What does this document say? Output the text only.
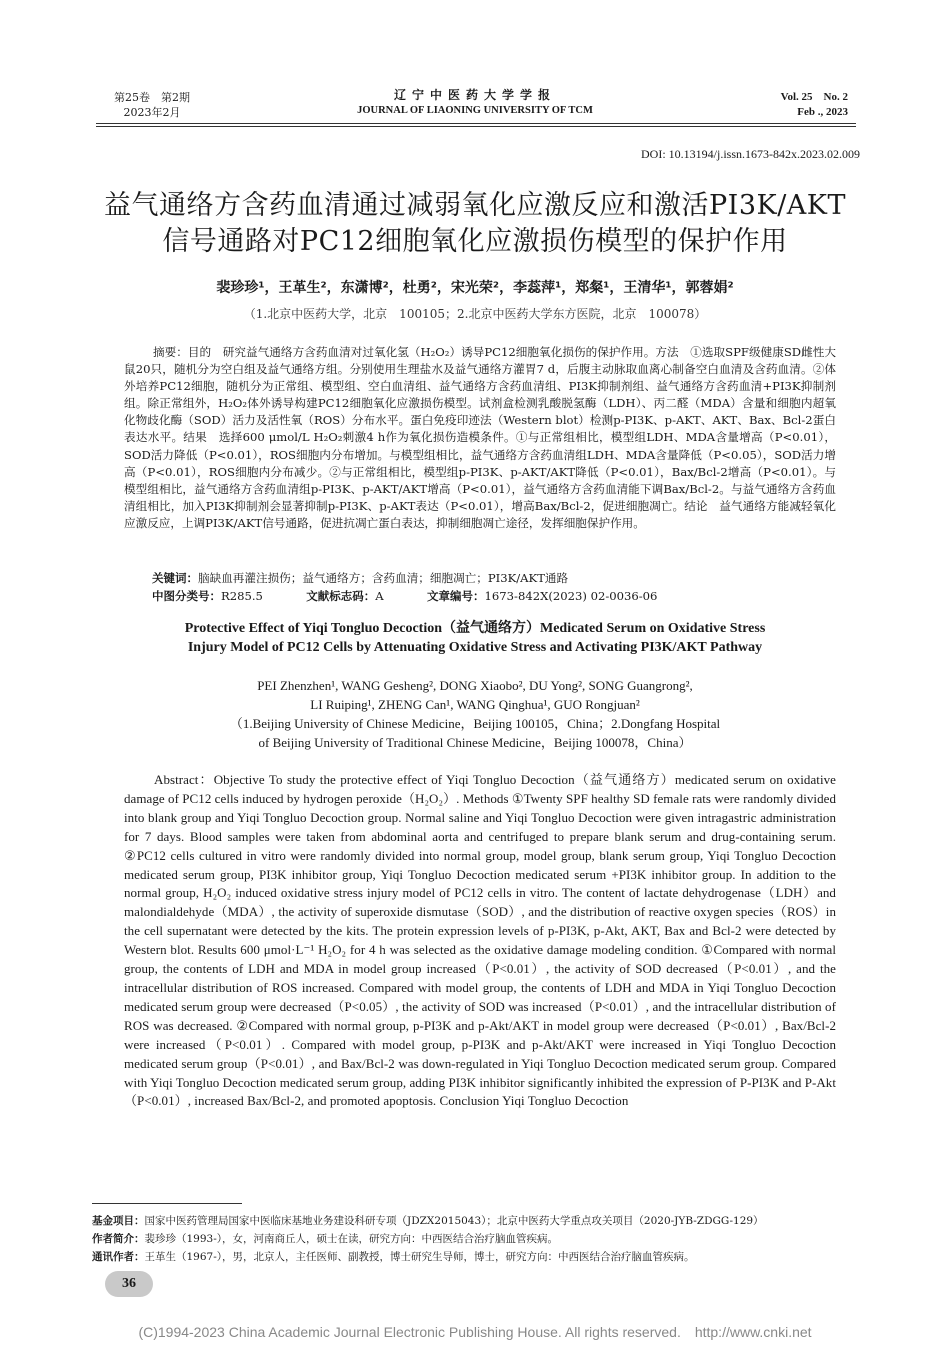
第25卷　第2期
2023年2月
辽宁中医药大学学报
JOURNAL OF LIAONING UNIVERSITY OF TCM
Vol. 25　No. 2
Feb ., 2023
DOI: 10.13194/j.issn.1673-842x.2023.02.009
益气通络方含药血清通过减弱氧化应激反应和激活PI3K/AKT
信号通路对PC12细胞氧化应激损伤模型的保护作用
裴珍珍¹，王革生²，东潇博²，杜勇²，宋光荣²，李蕊萍¹，郑粲¹，王清华¹，郭蓉娟²
（1.北京中医药大学，北京　100105；2.北京中医药大学东方医院，北京　100078）
摘要：目的　研究益气通络方含药血清对过氧化氢（H₂O₂）诱导PC12细胞氧化损伤的保护作用。方法　①选取SPF级健康SD雌性大鼠20只，随机分为空白组及益气通络方组。分别使用生理盐水及益气通络方灌胃7 d，后腹主动脉取血离心制备空白血清及含药血清。②体外培养PC12细胞，随机分为正常组、模型组、空白血清组、益气通络方含药血清组、PI3K抑制剂组、益气通络方含药血清+PI3K抑制剂组。除正常组外，H₂O₂体外诱导构建PC12细胞氧化应激损伤模型。试剂盒检测乳酸脱氢酶（LDH）、丙二醛（MDA）含量和细胞内超氧化物歧化酶（SOD）活力及活性氧（ROS）分布水平。蛋白免疫印迹法（Western blot）检测p-PI3K、p-AKT、AKT、Bax、Bcl-2蛋白表达水平。结果　选择600 μmol/L H₂O₂刺激4 h作为氧化损伤造模条件。①与正常组相比，模型组LDH、MDA含量增高（P<0.01），SOD活力降低（P<0.01），ROS细胞内分布增加。与模型组相比，益气通络方含药血清组LDH、MDA含量降低（P<0.05），SOD活力增高（P<0.01），ROS细胞内分布减少。②与正常组相比，模型组p-PI3K、p-AKT/AKT降低（P<0.01），Bax/Bcl-2增高（P<0.01）。与模型组相比，益气通络方含药血清组p-PI3K、p-AKT/AKT增高（P<0.01），益气通络方含药血清能下调Bax/Bcl-2。与益气通络方含药血清组相比，加入PI3K抑制剂会显著抑制p-PI3K、p-AKT表达（P<0.01），增高Bax/Bcl-2，促进细胞凋亡。结论　益气通络方能减轻氧化应激反应，上调PI3K/AKT信号通路，促进抗凋亡蛋白表达，抑制细胞凋亡途径，发挥细胞保护作用。
关键词：脑缺血再灌注损伤；益气通络方；含药血清；细胞凋亡；PI3K/AKT通路
中图分类号：R285.5	文献标志码：A	文章编号：1673-842X(2023) 02-0036-06
Protective Effect of Yiqi Tongluo Decoction（益气通络方）Medicated Serum on Oxidative Stress
Injury Model of PC12 Cells by Attenuating Oxidative Stress and Activating PI3K/AKT Pathway
PEI Zhenzhen¹, WANG Gesheng², DONG Xiaobo², DU Yong², SONG Guangrong²,
LI Ruiping¹, ZHENG Can¹, WANG Qinghua¹, GUO Rongjuan²
（1.Beijing University of Chinese Medicine，Beijing 100105，China；2.Dongfang Hospital
of Beijing University of Traditional Chinese Medicine，Beijing 100078，China）
Abstract：Objective To study the protective effect of Yiqi Tongluo Decoction（益气通络方）medicated serum on oxidative damage of PC12 cells induced by hydrogen peroxide（H₂O₂）. Methods ①Twenty SPF healthy SD female rats were randomly divided into blank group and Yiqi Tongluo Decoction group. Normal saline and Yiqi Tongluo Decoction were given intragastric administration for 7 days. Blood samples were taken from abdominal aorta and centrifuged to prepare blank serum and drug-containing serum. ②PC12 cells cultured in vitro were randomly divided into normal group, model group, blank serum group, Yiqi Tongluo Decoction medicated serum group, PI3K inhibitor group, Yiqi Tongluo Decoction medicated serum +PI3K inhibitor group. In addition to the normal group, H₂O₂ induced oxidative stress injury model of PC12 cells in vitro. The content of lactate dehydrogenase（LDH）and malondialdehyde（MDA）, the activity of superoxide dismutase（SOD）, and the distribution of reactive oxygen species（ROS）in the cell supernatant were detected by the kits. The protein expression levels of p-PI3K, p-Akt, AKT, Bax and Bcl-2 were detected by Western blot. Results 600 μmol·L⁻¹ H₂O₂ for 4 h was selected as the oxidative damage modeling condition. ①Compared with normal group, the contents of LDH and MDA in model group increased（P<0.01）, the activity of SOD decreased（P<0.01）, and the intracellular distribution of ROS increased. Compared with model group, the contents of LDH and MDA in Yiqi Tongluo Decoction medicated serum group were decreased（P<0.05）, the activity of SOD was increased（P<0.01）, and the intracellular distribution of ROS was decreased. ②Compared with normal group, p-PI3K and p-Akt/AKT in model group were decreased（P<0.01）, Bax/Bcl-2 were increased（P<0.01）. Compared with model group, p-PI3K and p-Akt/AKT were increased in Yiqi Tongluo Decoction medicated serum group（P<0.01）, and Bax/Bcl-2 was down-regulated in Yiqi Tongluo Decoction medicated serum group. Compared with Yiqi Tongluo Decoction medicated serum group, adding PI3K inhibitor significantly inhibited the expression of P-PI3K and P-Akt（P<0.01）, increased Bax/Bcl-2, and promoted apoptosis. Conclusion Yiqi Tongluo Decoction
基金项目：国家中医药管理局国家中医临床基地业务建设科研专项（JDZX2015043）；北京中医药大学重点攻关项目（2020-JYB-ZDGG-129）
作者简介：裴珍珍（1993-），女，河南商丘人，硕士在读，研究方向：中西医结合治疗脑血管疾病。
通讯作者：王革生（1967-），男，北京人，主任医师、副教授，博士研究生导师，博士，研究方向：中西医结合治疗脑血管疾病。
36
(C)1994-2023 China Academic Journal Electronic Publishing House. All rights reserved.　http://www.cnki.net
